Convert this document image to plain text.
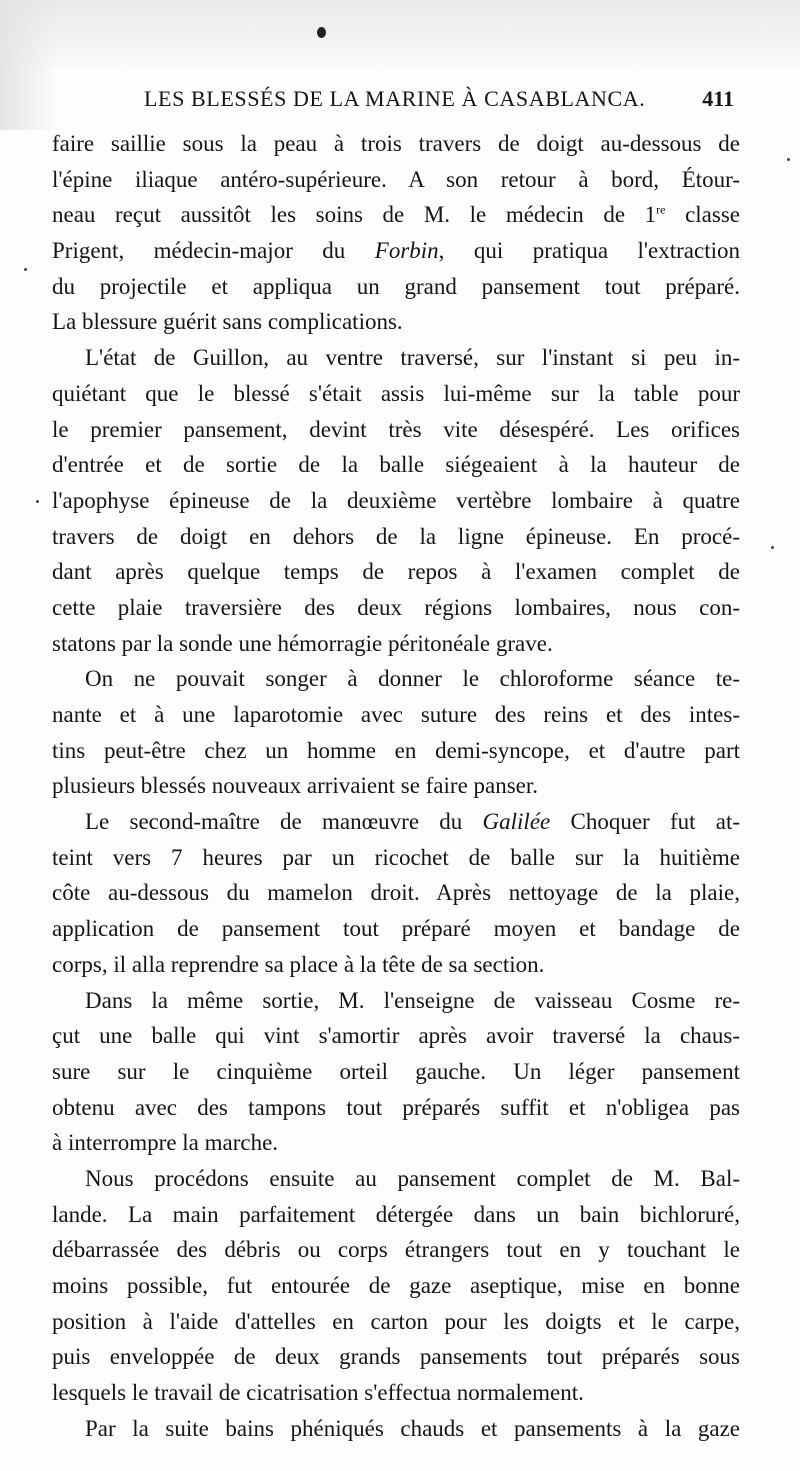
LES BLESSÉS DE LA MARINE À CASABLANCA.	411
faire saillie sous la peau à trois travers de doigt au-dessous de
l'épine iliaque antéro-supérieure. A son retour à bord, Étour-
neau reçut aussitôt les soins de M. le médecin de 1re classe
Prigent, médecin-major du Forbin, qui pratiqua l'extraction
du projectile et appliqua un grand pansement tout préparé.
La blessure guérit sans complications.
L'état de Guillon, au ventre traversé, sur l'instant si peu in-
quiétant que le blessé s'était assis lui-même sur la table pour
le premier pansement, devint très vite désespéré. Les orifices
d'entrée et de sortie de la balle siégeaient à la hauteur de
l'apophyse épineuse de la deuxième vertèbre lombaire à quatre
travers de doigt en dehors de la ligne épineuse. En procé-
dant après quelque temps de repos à l'examen complet de
cette plaie traversière des deux régions lombaires, nous con-
statons par la sonde une hémorragie péritonéale grave.
On ne pouvait songer à donner le chloroforme séance te-
nante et à une laparotomie avec suture des reins et des intes-
tins peut-être chez un homme en demi-syncope, et d'autre part
plusieurs blessés nouveaux arrivaient se faire panser.
Le second-maître de manœuvre du Galilée Choquer fut at-
teint vers 7 heures par un ricochet de balle sur la huitième
côte au-dessous du mamelon droit. Après nettoyage de la plaie,
application de pansement tout préparé moyen et bandage de
corps, il alla reprendre sa place à la tête de sa section.
Dans la même sortie, M. l'enseigne de vaisseau Cosme re-
çut une balle qui vint s'amortir après avoir traversé la chaus-
sure sur le cinquième orteil gauche. Un léger pansement
obtenu avec des tampons tout préparés suffit et n'obligea pas
à interrompre la marche.
Nous procédons ensuite au pansement complet de M. Bal-
lande. La main parfaitement détergée dans un bain bichloruré,
débarrassée des débris ou corps étrangers tout en y touchant le
moins possible, fut entourée de gaze aseptique, mise en bonne
position à l'aide d'attelles en carton pour les doigts et le carpe,
puis enveloppée de deux grands pansements tout préparés sous
lesquels le travail de cicatrisation s'effectua normalement.
Par la suite bains phéniqués chauds et pansements à la gaze
